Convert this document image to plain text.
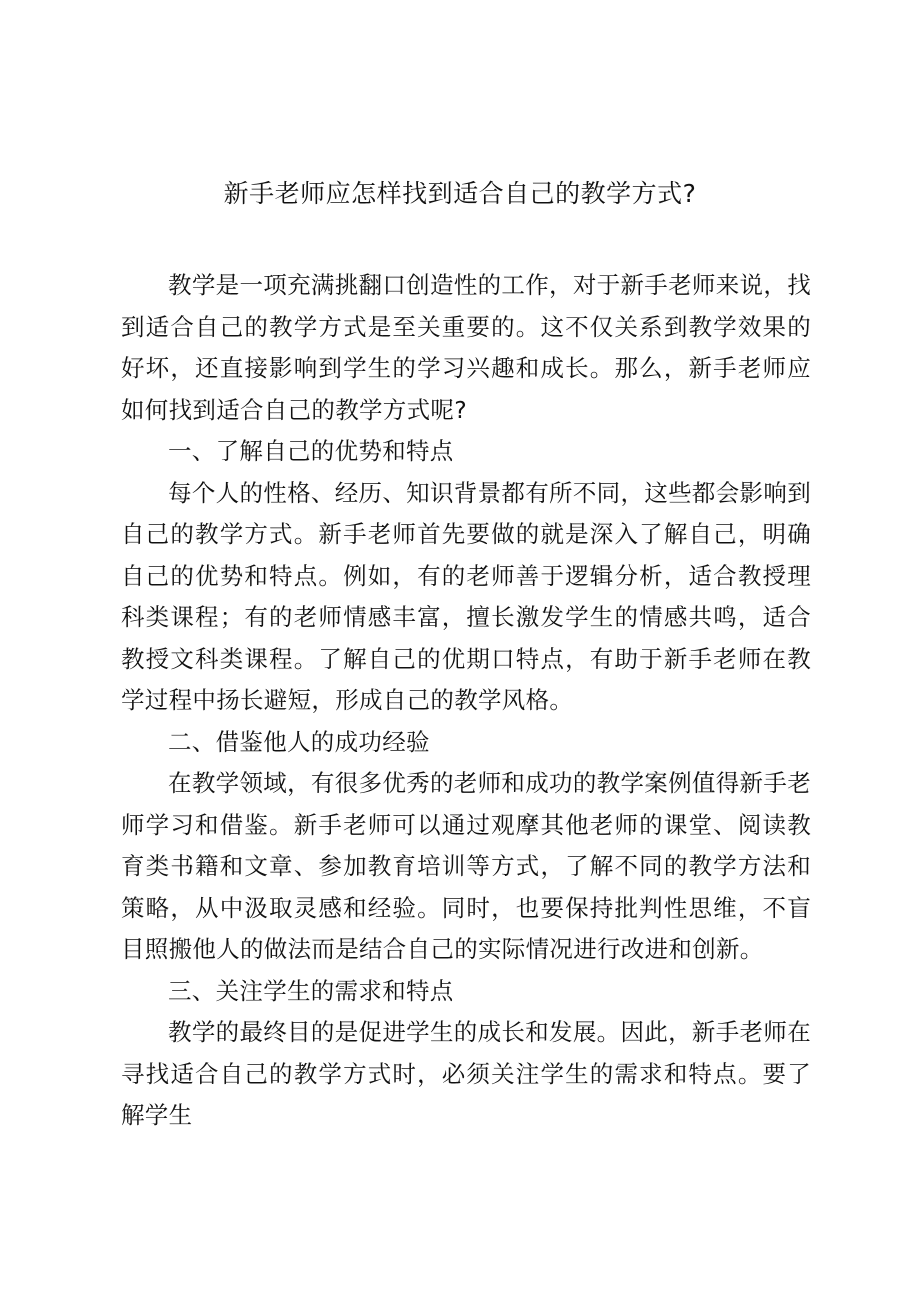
新手老师应怎样找到适合自己的教学方式?

教学是一项充满挑翻口创造性的工作，对于新手老师来说，找到适合自己的教学方式是至关重要的。这不仅关系到教学效果的好坏，还直接影响到学生的学习兴趣和成长。那么，新手老师应如何找到适合自己的教学方式呢?

一、了解自己的优势和特点

每个人的性格、经历、知识背景都有所不同，这些都会影响到自己的教学方式。新手老师首先要做的就是深入了解自己，明确自己的优势和特点。例如，有的老师善于逻辑分析，适合教授理科类课程；有的老师情感丰富，擅长激发学生的情感共鸣，适合教授文科类课程。了解自己的优期口特点，有助于新手老师在教学过程中扬长避短，形成自己的教学风格。

二、借鉴他人的成功经验

在教学领域，有很多优秀的老师和成功的教学案例值得新手老师学习和借鉴。新手老师可以通过观摩其他老师的课堂、阅读教育类书籍和文章、参加教育培训等方式，了解不同的教学方法和策略，从中汲取灵感和经验。同时，也要保持批判性思维，不盲目照搬他人的做法而是结合自己的实际情况进行改进和创新。

三、关注学生的需求和特点

教学的最终目的是促进学生的成长和发展。因此，新手老师在寻找适合自己的教学方式时，必须关注学生的需求和特点。要了解学生
